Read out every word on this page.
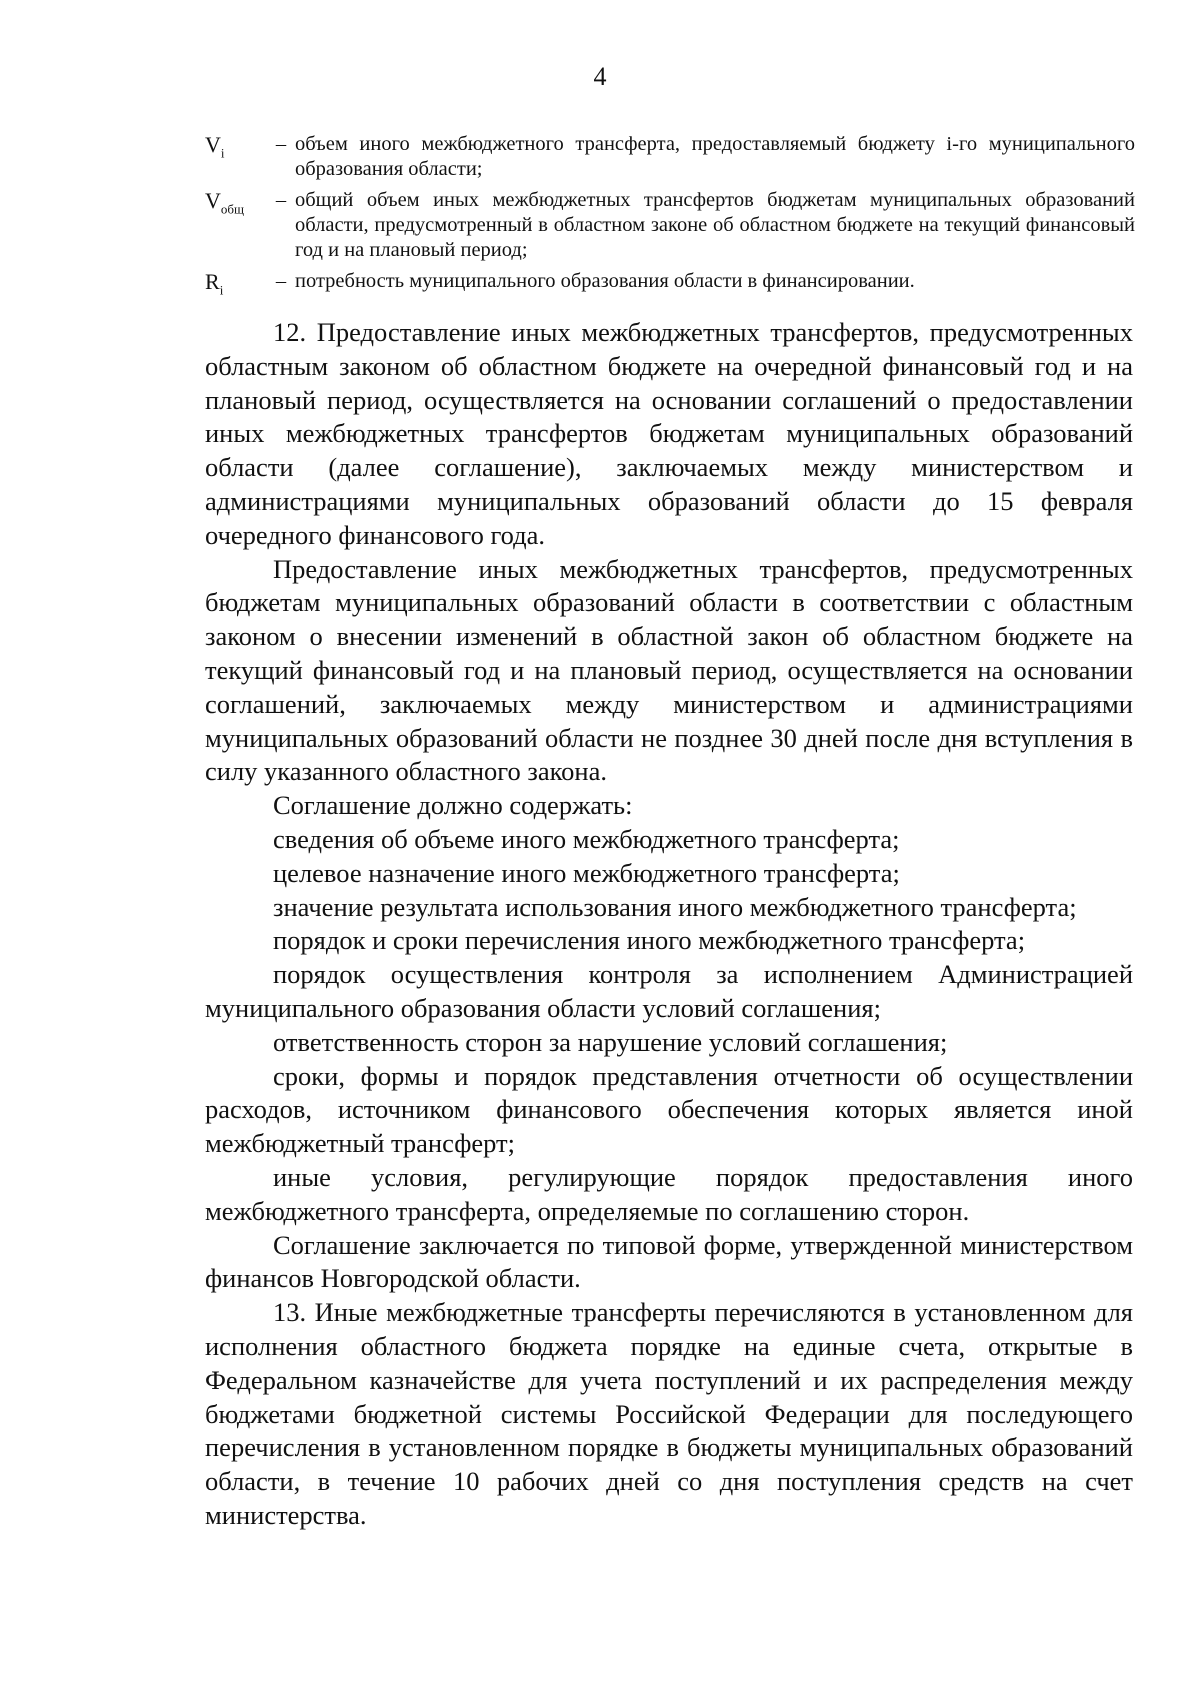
4
$V_i$	– объем иного межбюджетного трансферта, предоставляемый бюджету i-го муниципального образования области;
$V_{общ}$	– общий объем иных межбюджетных трансфертов бюджетам муниципальных образований области, предусмотренный в областном законе об областном бюджете на текущий финансовый год и на плановый период;
$R_i$	– потребность муниципального образования области в финансировании.

12. Предоставление иных межбюджетных трансфертов, предусмотренных областным законом об областном бюджете на очередной финансовый год и на плановый период, осуществляется на основании соглашений о предоставлении иных межбюджетных трансфертов бюджетам муниципальных образований области (далее соглашение), заключаемых между министерством и администрациями муниципальных образований области до 15 февраля очередного финансового года.

Предоставление иных межбюджетных трансфертов, предусмотренных бюджетам муниципальных образований области в соответствии с областным законом о внесении изменений в областной закон об областном бюджете на текущий финансовый год и на плановый период, осуществляется на основании соглашений, заключаемых между министерством и администрациями муниципальных образований области не позднее 30 дней после дня вступления в силу указанного областного закона.

Соглашение должно содержать:

сведения об объеме иного межбюджетного трансферта;

целевое назначение иного межбюджетного трансферта;

значение результата использования иного межбюджетного трансферта;

порядок и сроки перечисления иного межбюджетного трансферта;

порядок осуществления контроля за исполнением Администрацией муниципального образования области условий соглашения;

ответственность сторон за нарушение условий соглашения;

сроки, формы и порядок представления отчетности об осуществлении расходов, источником финансового обеспечения которых является иной межбюджетный трансферт;

иные условия, регулирующие порядок предоставления иного межбюджетного трансферта, определяемые по соглашению сторон.

Соглашение заключается по типовой форме, утвержденной министерством финансов Новгородской области.

13. Иные межбюджетные трансферты перечисляются в установленном для исполнения областного бюджета порядке на единые счета, открытые в Федеральном казначействе для учета поступлений и их распределения между бюджетами бюджетной системы Российской Федерации для последующего перечисления в установленном порядке в бюджеты муниципальных образований области, в течение 10 рабочих дней со дня поступления средств на счет министерства.
